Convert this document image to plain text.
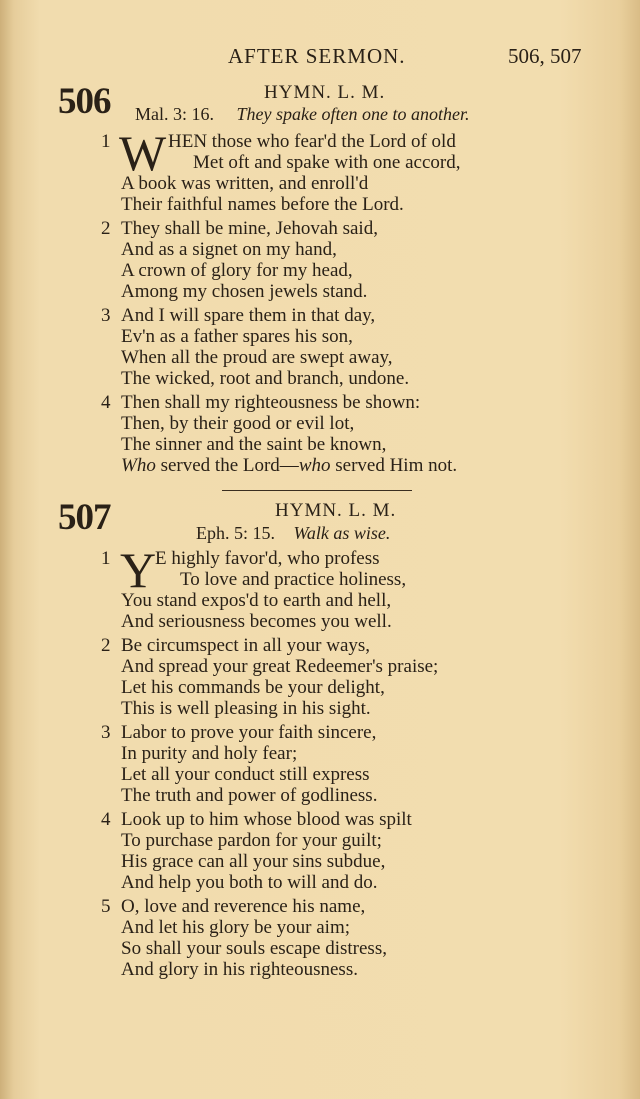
AFTER SERMON.	506, 507
506	HYMN. L. M.
Mal. 3: 16. They spake often one to another.
1 W HEN those who fear'd the Lord of old
Met oft and spake with one accord,
A book was written, and enroll'd
Their faithful names before the Lord.
2 They shall be mine, Jehovah said,
And as a signet on my hand,
A crown of glory for my head,
Among my chosen jewels stand.
3 And I will spare them in that day,
Ev'n as a father spares his son,
When all the proud are swept away,
The wicked, root and branch, undone.
4 Then shall my righteousness be shown:
Then, by their good or evil lot,
The sinner and the saint be known,
Who served the Lord—who served Him not.
507	HYMN. L. M.
Eph. 5: 15. Walk as wise.
1 Y
E highly favor'd, who profess
To love and practice holiness,
You stand expos'd to earth and hell,
And seriousness becomes you well.
2 Be circumspect in all your ways,
And spread your great Redeemer's praise;
Let his commands be your delight,
This is well pleasing in his sight.
3 Labor to prove your faith sincere,
In purity and holy fear;
Let all your conduct still express
The truth and power of godliness.
4 Look up to him whose blood was spilt
To purchase pardon for your guilt;
His grace can all your sins subdue,
And help you both to will and do.
5 O, love and reverence his name,
And let his glory be your aim;
So shall your souls escape distress,
And glory in his righteousness.
